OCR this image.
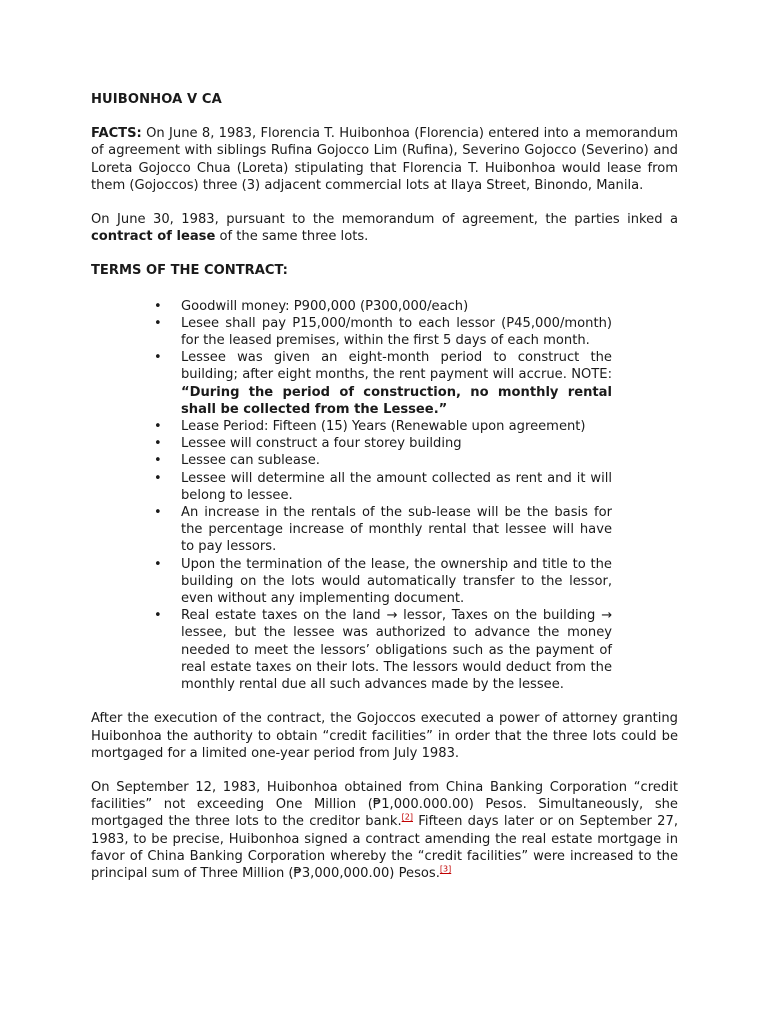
HUIBONHOA V CA

FACTS: On June 8, 1983, Florencia T. Huibonhoa (Florencia) entered into a memorandum of agreement with siblings Rufina Gojocco Lim (Rufina), Severino Gojocco (Severino) and Loreta Gojocco Chua (Loreta) stipulating that Florencia T. Huibonhoa would lease from them (Gojoccos) three (3) adjacent commercial lots at Ilaya Street, Binondo, Manila.

On June 30, 1983, pursuant to the memorandum of agreement, the parties inked a contract of lease of the same three lots.

TERMS OF THE CONTRACT:
• Goodwill money: P900,000 (P300,000/each)
• Lesee shall pay P15,000/month to each lessor (P45,000/month) for the leased premises, within the first 5 days of each month.
• Lessee was given an eight-month period to construct the building; after eight months, the rent payment will accrue. NOTE: “During the period of construction, no monthly rental shall be collected from the Lessee.”
• Lease Period: Fifteen (15) Years (Renewable upon agreement)
• Lessee will construct a four storey building
• Lessee can sublease.
• Lessee will determine all the amount collected as rent and it will belong to lessee.
• An increase in the rentals of the sub-lease will be the basis for the percentage increase of monthly rental that lessee will have to pay lessors.
• Upon the termination of the lease, the ownership and title to the building on the lots would automatically transfer to the lessor, even without any implementing document.
• Real estate taxes on the land → lessor, Taxes on the building → lessee, but the lessee was authorized to advance the money needed to meet the lessors’ obligations such as the payment of real estate taxes on their lots. The lessors would deduct from the monthly rental due all such advances made by the lessee.

After the execution of the contract, the Gojoccos executed a power of attorney granting Huibonhoa the authority to obtain “credit facilities” in order that the three lots could be mortgaged for a limited one-year period from July 1983.

On September 12, 1983, Huibonhoa obtained from China Banking Corporation “credit facilities” not exceeding One Million (₱1,000.000.00) Pesos. Simultaneously, she mortgaged the three lots to the creditor bank.[2] Fifteen days later or on September 27, 1983, to be precise, Huibonhoa signed a contract amending the real estate mortgage in favor of China Banking Corporation whereby the “credit facilities” were increased to the principal sum of Three Million (₱3,000,000.00) Pesos.[3]
